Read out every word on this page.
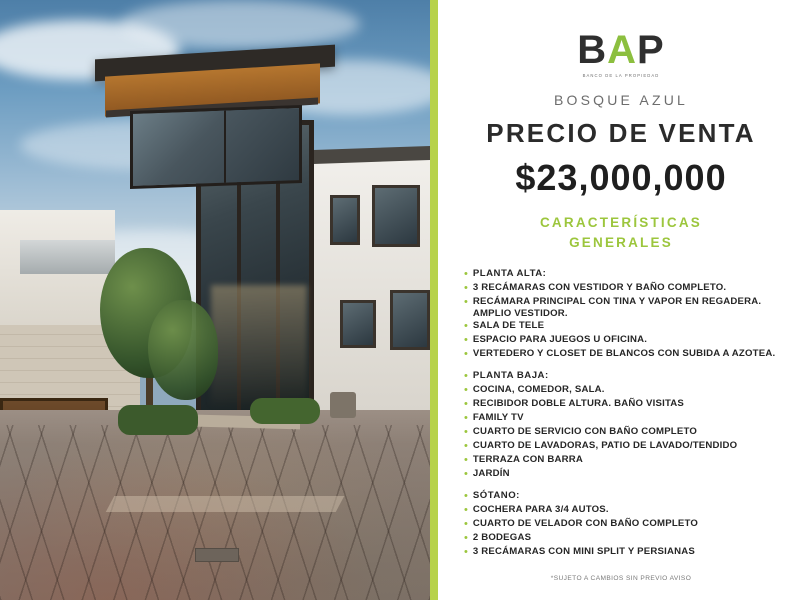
BAP
BANCO DE LA PROPIEDAD
BOSQUE AZUL
PRECIO DE VENTA
$23,000,000
CARACTERÍSTICAS
GENERALES
• PLANTA ALTA:
• 3 RECÁMARAS CON VESTIDOR Y BAÑO COMPLETO.
• RECÁMARA PRINCIPAL CON TINA Y VAPOR EN REGADERA. AMPLIO VESTIDOR.
• SALA DE TELE
• ESPACIO PARA JUEGOS U OFICINA.
• VERTEDERO Y CLOSET DE BLANCOS CON SUBIDA A AZOTEA.
• PLANTA BAJA:
• COCINA, COMEDOR, SALA.
• RECIBIDOR DOBLE ALTURA. BAÑO VISITAS
• FAMILY TV
• CUARTO DE SERVICIO CON BAÑO COMPLETO
• CUARTO DE LAVADORAS, PATIO DE LAVADO/TENDIDO
• TERRAZA CON BARRA
• JARDÍN
• SÓTANO:
• COCHERA PARA 3/4 AUTOS.
• CUARTO DE VELADOR CON BAÑO COMPLETO
• 2 BODEGAS
• 3 RECÁMARAS CON MINI SPLIT Y PERSIANAS
*SUJETO A CAMBIOS SIN PREVIO AVISO
